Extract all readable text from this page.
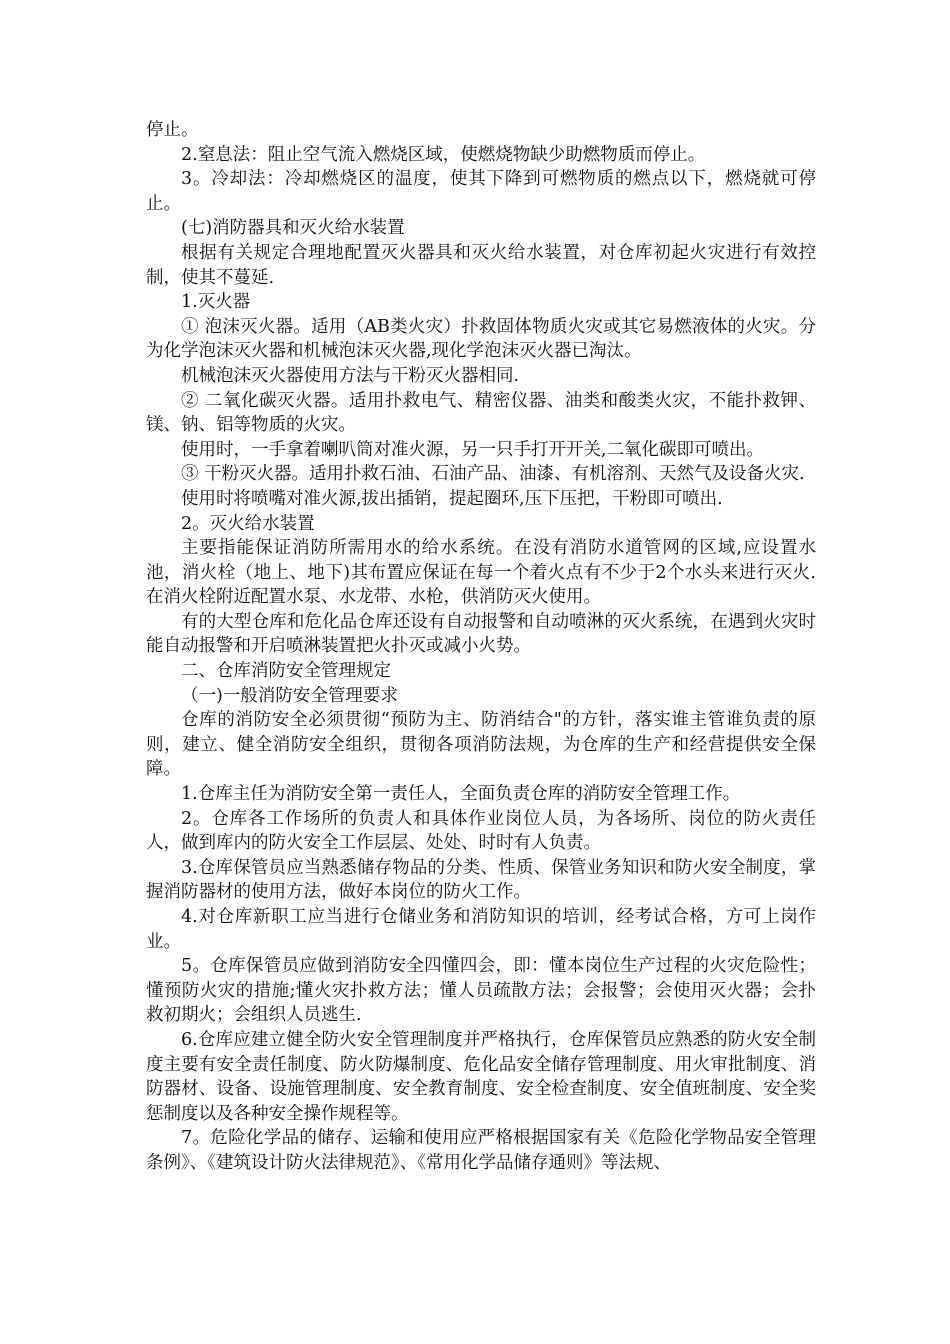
停止。

2.窒息法：阻止空气流入燃烧区域，使燃烧物缺少助燃物质而停止。

3。冷却法：冷却燃烧区的温度，使其下降到可燃物质的燃点以下，燃烧就可停止。

(七)消防器具和灭火给水装置

根据有关规定合理地配置灭火器具和灭火给水装置，对仓库初起火灾进行有效控制，使其不蔓延.

1.灭火器

① 泡沫灭火器。适用（AB类火灾）扑救固体物质火灾或其它易燃液体的火灾。分为化学泡沫灭火器和机械泡沫灭火器,现化学泡沫灭火器已淘汰。

机械泡沫灭火器使用方法与干粉灭火器相同.

② 二氧化碳灭火器。适用扑救电气、精密仪器、油类和酸类火灾，不能扑救钾、镁、钠、铝等物质的火灾。

使用时，一手拿着喇叭筒对准火源，另一只手打开开关,二氧化碳即可喷出。

③ 干粉灭火器。适用扑救石油、石油产品、油漆、有机溶剂、天然气及设备火灾.

使用时将喷嘴对准火源,拔出插销，提起圈环,压下压把，干粉即可喷出.

2。灭火给水装置

主要指能保证消防所需用水的给水系统。在没有消防水道管网的区域,应设置水池，消火栓（地上、地下)其布置应保证在每一个着火点有不少于2个水头来进行灭火.在消火栓附近配置水泵、水龙带、水枪，供消防灭火使用。

有的大型仓库和危化品仓库还设有自动报警和自动喷淋的灭火系统，在遇到火灾时能自动报警和开启喷淋装置把火扑灭或减小火势。

二、仓库消防安全管理规定

（一)一般消防安全管理要求

仓库的消防安全必须贯彻“预防为主、防消结合"的方针，落实谁主管谁负责的原则，建立、健全消防安全组织，贯彻各项消防法规，为仓库的生产和经营提供安全保障。

1.仓库主任为消防安全第一责任人，全面负责仓库的消防安全管理工作。

2。仓库各工作场所的负责人和具体作业岗位人员，为各场所、岗位的防火责任人，做到库内的防火安全工作层层、处处、时时有人负责。

3.仓库保管员应当熟悉储存物品的分类、性质、保管业务知识和防火安全制度，掌握消防器材的使用方法，做好本岗位的防火工作。

4.对仓库新职工应当进行仓储业务和消防知识的培训，经考试合格，方可上岗作业。

5。仓库保管员应做到消防安全四懂四会，即：懂本岗位生产过程的火灾危险性；懂预防火灾的措施;懂火灾扑救方法；懂人员疏散方法；会报警；会使用灭火器；会扑救初期火；会组织人员逃生.

6.仓库应建立健全防火安全管理制度并严格执行，仓库保管员应熟悉的防火安全制度主要有安全责任制度、防火防爆制度、危化品安全储存管理制度、用火审批制度、消防器材、设备、设施管理制度、安全教育制度、安全检查制度、安全值班制度、安全奖惩制度以及各种安全操作规程等。

7。危险化学品的储存、运输和使用应严格根据国家有关《危险化学物品安全管理条例》、《建筑设计防火法律规范》、《常用化学品储存通则》等法规、
